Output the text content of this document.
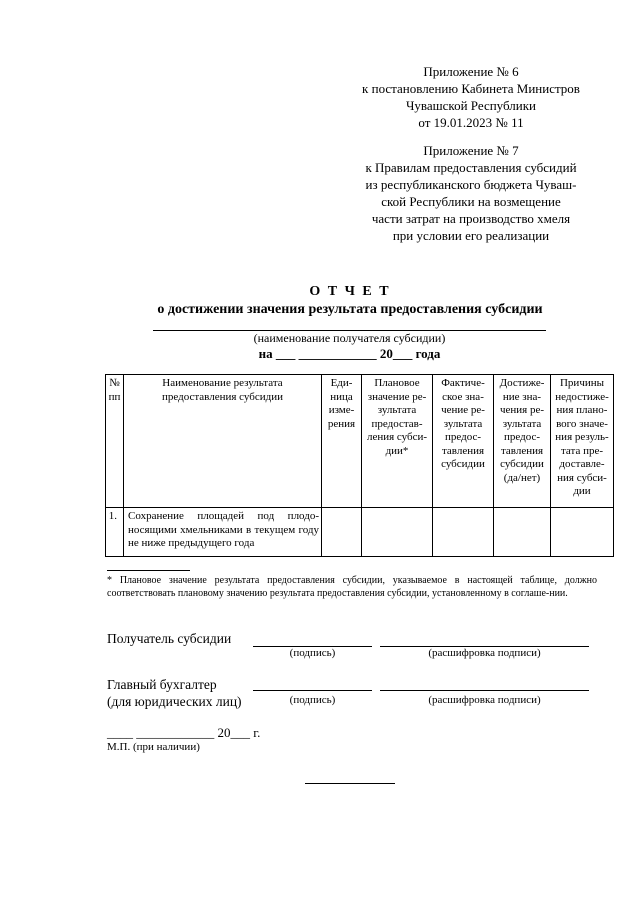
Приложение № 6
к постановлению Кабинета Министров
Чувашской Республики
от 19.01.2023 № 11
Приложение № 7
к Правилам предоставления субсидий
из республиканского бюджета Чуваш-
ской Республики на возмещение
части затрат на производство хмеля
при условии его реализации
О Т Ч Е Т
о достижении значения результата предоставления субсидии
(наименование получателя субсидии)
на ___ ____________ 20___ года
№ пп	Наименование результата предоставления субсидии	Еди-ница изме-рения	Плановое значение ре-зультата предостав-ления субси-дии*	Фактиче-ское зна-чение ре-зультата предос-тавления субсидии	Достиже-ние зна-чения ре-зультата предос-тавления субсидии (да/нет)	Причины недостиже-ния плано-вого значе-ния резуль-тата пре-доставле-ния субси-дии
1.	Сохранение площадей под плодо-носящими хмельниками в текущем году не ниже предыдущего года					
* Плановое значение результата предоставления субсидии, указываемое в настоящей таблице, должно соответствовать плановому значению результата предоставления субсидии, установленному в соглаше-нии.
Получатель субсидии
(подпись)	(расшифровка подписи)
Главный бухгалтер
(для юридических лиц)	(подпись)	(расшифровка подписи)
____ ____________ 20___ г.
М.П. (при наличии)
